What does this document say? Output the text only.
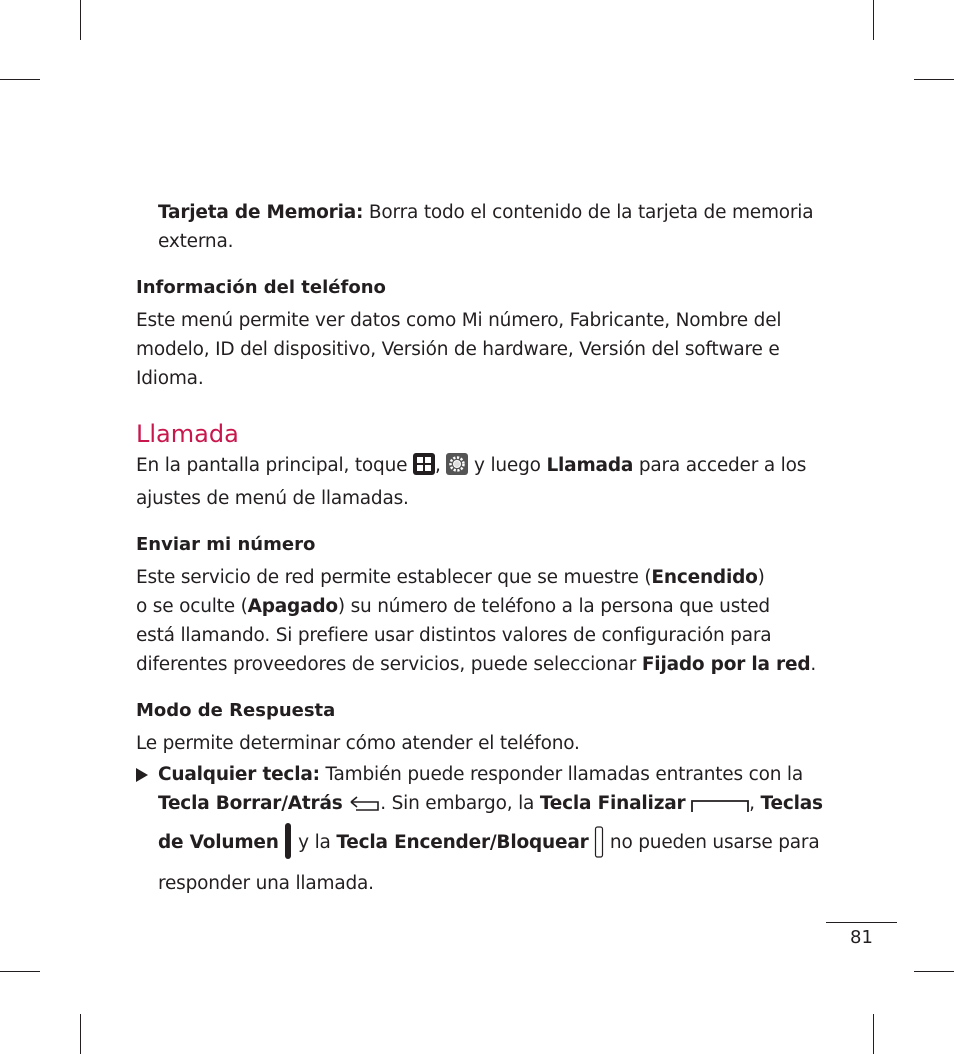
Tarjeta de Memoria: Borra todo el contenido de la tarjeta de memoria
externa.

Información del teléfono

Este menú permite ver datos como Mi número, Fabricante, Nombre del
modelo, ID del dispositivo, Versión de hardware, Versión del software e
Idioma.

Llamada

En la pantalla principal, toque ,  y luego Llamada para acceder a los
ajustes de menú de llamadas.

Enviar mi número

Este servicio de red permite establecer que se muestre (Encendido)
o se oculte (Apagado) su número de teléfono a la persona que usted
está llamando. Si prefiere usar distintos valores de configuración para
diferentes proveedores de servicios, puede seleccionar Fijado por la red.

Modo de Respuesta

Le permite determinar cómo atender el teléfono.

Cualquier tecla: También puede responder llamadas entrantes con la
Tecla Borrar/Atrás . Sin embargo, la Tecla Finalizar	, Teclas
de Volumen  y la Tecla Encender/Bloquear  no pueden usarse para
responder una llamada.
81
